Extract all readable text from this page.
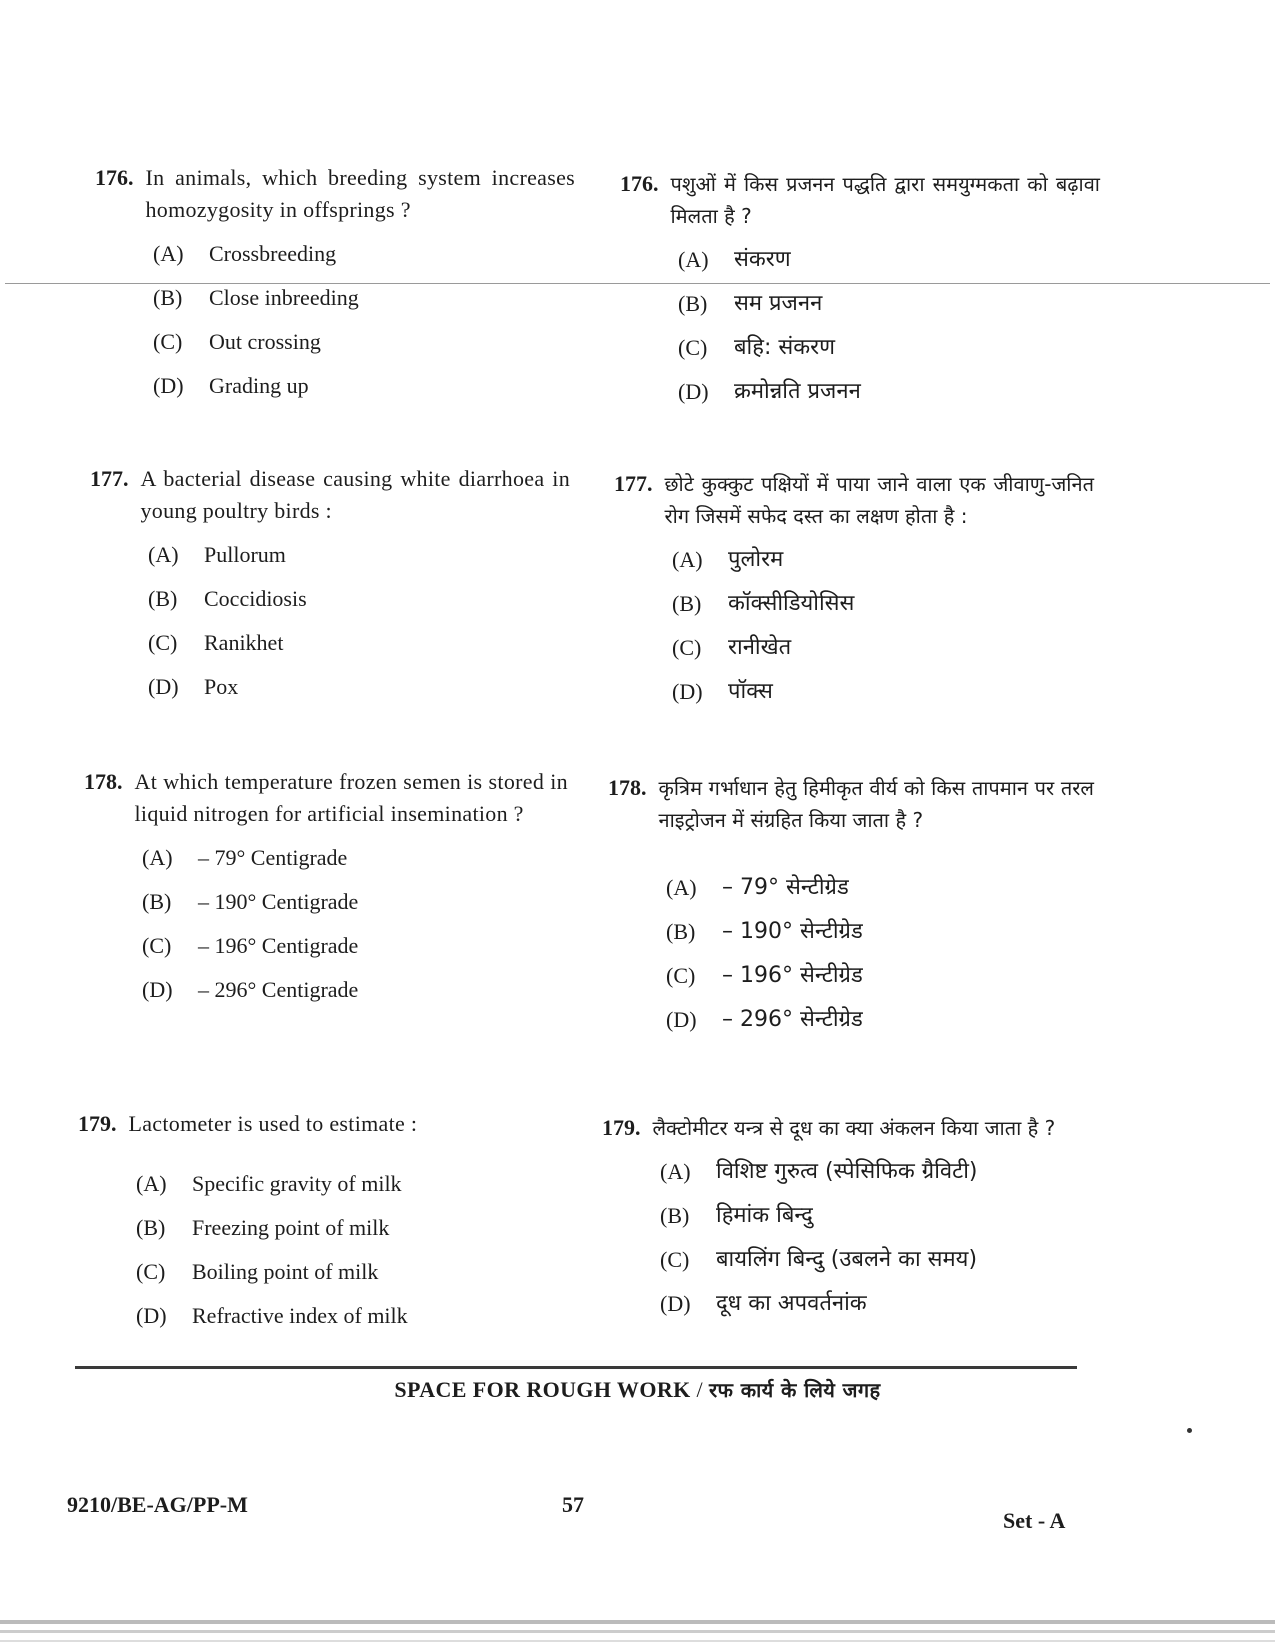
176. In animals, which breeding system increases homozygosity in offsprings ?
(A)	Crossbreeding
(B)	Close inbreeding
(C)	Out crossing
(D)	Grading up
177. A bacterial disease causing white diarrhoea in young poultry birds :
(A)	Pullorum
(B)	Coccidiosis
(C)	Ranikhet
(D)	Pox
178. At which temperature frozen semen is stored in liquid nitrogen for artificial insemination ?
(A)	– 79° Centigrade
(B)	– 190° Centigrade
(C)	– 196° Centigrade
(D)	– 296° Centigrade
179. Lactometer is used to estimate :
(A)	Specific gravity of milk
(B)	Freezing point of milk
(C)	Boiling point of milk
(D)	Refractive index of milk
176. पशुओं में किस प्रजनन पद्धति द्वारा समयुग्मकता को बढ़ावा मिलता है ?
(A)	संकरण
(B)	सम प्रजनन
(C)	बहि: संकरण
(D)	क्रमोन्नति प्रजनन
177. छोटे कुक्कुट पक्षियों में पाया जाने वाला एक जीवाणु-जनित रोग जिसमें सफेद दस्त का लक्षण होता है :
(A)	पुलोरम
(B)	कॉक्सीडियोसिस
(C)	रानीखेत
(D)	पॉक्स
178. कृत्रिम गर्भाधान हेतु हिमीकृत वीर्य को किस तापमान पर तरल नाइट्रोजन में संग्रहित किया जाता है ?
(A)	– 79° सेन्टीग्रेड
(B)	– 190° सेन्टीग्रेड
(C)	– 196° सेन्टीग्रेड
(D)	– 296° सेन्टीग्रेड
179. लैक्टोमीटर यन्त्र से दूध का क्या अंकलन किया जाता है ?
(A)	विशिष्ट गुरुत्व (स्पेसिफिक ग्रैविटी)
(B)	हिमांक बिन्दु
(C)	बायलिंग बिन्दु (उबलने का समय)
(D)	दूध का अपवर्तनांक
SPACE FOR ROUGH WORK / रफ कार्य के लिये जगह
9210/BE-AG/PP-M	57
Set - A
